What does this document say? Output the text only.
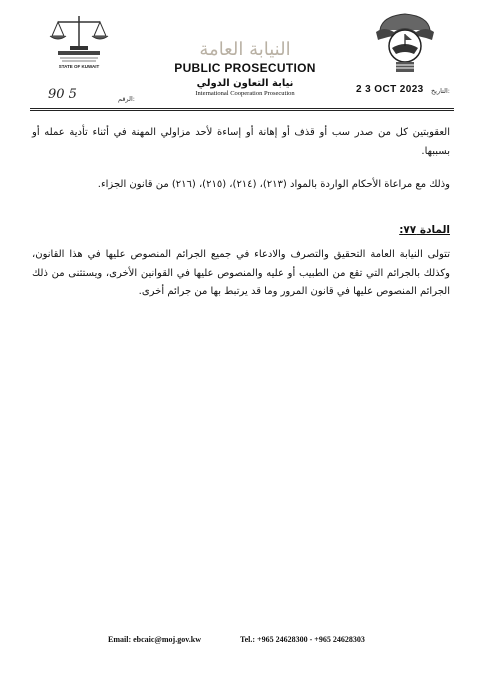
STATE OF KUWAIT
النيابة العامة
PUBLIC PROSECUTION
نيابة التعاون الدولي
International Cooperation Prosecution	2 3 OCT 2023 :التاريخ
90 5	:الرقم
العقوبتين كل من صدر سب أو قذف أو إهانة أو إساءة لأحد مزاولي المهنة في أثناء تأدية عمله أو بسببها.
وذلك مع مراعاة الأحكام الواردة بالمواد (٢١٣)، (٢١٤)، (٢١٥)، (٢١٦) من قانون الجزاء.
المادة ٧٧:
تتولى النيابة العامة التحقيق والتصرف والادعاء في جميع الجرائم المنصوص عليها في هذا القانون، وكذلك بالجرائم التي تقع من الطبيب أو عليه والمنصوص عليها في القوانين الأخرى، ويستثنى من ذلك الجرائم المنصوص عليها في قانون المرور وما قد يرتبط بها من جرائم أخرى.
Email: ebcaic@moj.gov.kw	Tel.: +965 24628300 - +965 24628303
